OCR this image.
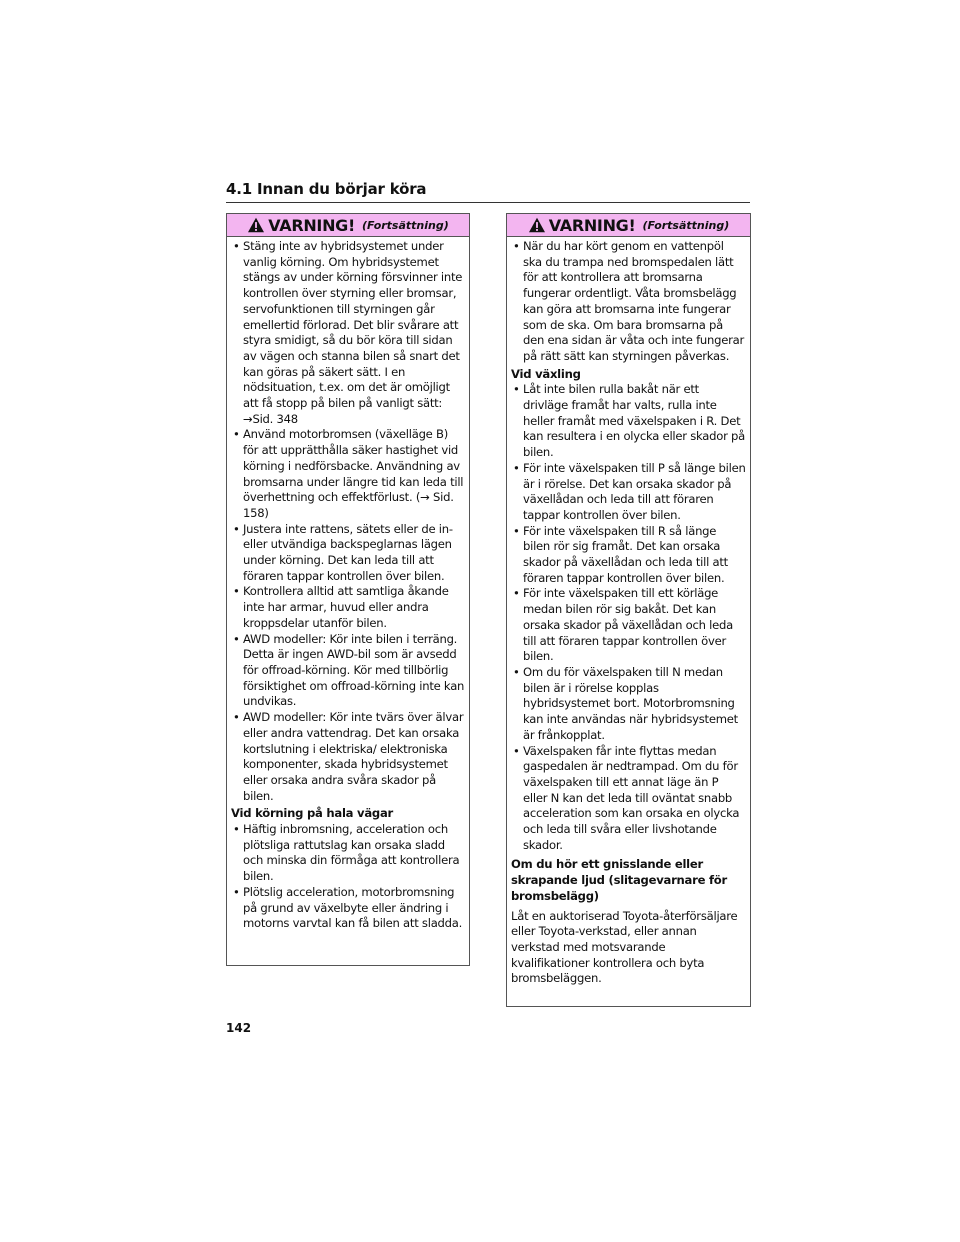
4.1 Innan du börjar köra
VARNING! (Fortsättning)
• Stäng inte av hybridsystemet under vanlig körning. Om hybridsystemet stängs av under körning försvinner inte kontrollen över styrning eller bromsar, servofunktionen till styrningen går emellertid förlorad. Det blir svårare att styra smidigt, så du bör köra till sidan av vägen och stanna bilen så snart det kan göras på säkert sätt. I en nödsituation, t.ex. om det är omöjligt att få stopp på bilen på vanligt sätt: →Sid. 348
• Använd motorbromsen (växelläge B) för att upprätthålla säker hastighet vid körning i nedförsbacke. Användning av bromsarna under längre tid kan leda till överhettning och effektförlust. (→ Sid. 158)
• Justera inte rattens, sätets eller de in- eller utvändiga backspeglarnas lägen under körning. Det kan leda till att föraren tappar kontrollen över bilen.
• Kontrollera alltid att samtliga åkande inte har armar, huvud eller andra kroppsdelar utanför bilen.
• AWD modeller: Kör inte bilen i terräng. Detta är ingen AWD-bil som är avsedd för offroad-körning. Kör med tillbörlig försiktighet om offroad-körning inte kan undvikas.
• AWD modeller: Kör inte tvärs över älvar eller andra vattendrag. Det kan orsaka kortslutning i elektriska/ elektroniska komponenter, skada hybridsystemet eller orsaka andra svåra skador på bilen.
Vid körning på hala vägar
• Häftig inbromsning, acceleration och plötsliga rattutslag kan orsaka sladd och minska din förmåga att kontrollera bilen.
• Plötslig acceleration, motorbromsning på grund av växelbyte eller ändring i motorns varvtal kan få bilen att sladda.
VARNING! (Fortsättning)
• När du har kört genom en vattenpöl ska du trampa ned bromspedalen lätt för att kontrollera att bromsarna fungerar ordentligt. Våta bromsbelägg kan göra att bromsarna inte fungerar som de ska. Om bara bromsarna på den ena sidan är våta och inte fungerar på rätt sätt kan styrningen påverkas.
Vid växling
• Låt inte bilen rulla bakåt när ett drivläge framåt har valts, rulla inte heller framåt med växelspaken i R. Det kan resultera i en olycka eller skador på bilen.
• För inte växelspaken till P så länge bilen är i rörelse. Det kan orsaka skador på växellådan och leda till att föraren tappar kontrollen över bilen.
• För inte växelspaken till R så länge bilen rör sig framåt. Det kan orsaka skador på växellådan och leda till att föraren tappar kontrollen över bilen.
• För inte växelspaken till ett körläge medan bilen rör sig bakåt. Det kan orsaka skador på växellådan och leda till att föraren tappar kontrollen över bilen.
• Om du för växelspaken till N medan bilen är i rörelse kopplas hybridsystemet bort. Motorbromsning kan inte användas när hybridsystemet är frånkopplat.
• Växelspaken får inte flyttas medan gaspedalen är nedtrampad. Om du för växelspaken till ett annat läge än P eller N kan det leda till oväntat snabb acceleration som kan orsaka en olycka och leda till svåra eller livshotande skador.
Om du hör ett gnisslande eller skrapande ljud (slitagevarnare för bromsbelägg)
Låt en auktoriserad Toyota-återförsäljare eller Toyota-verkstad, eller annan verkstad med motsvarande kvalifikationer kontrollera och byta bromsbeläggen.
142
